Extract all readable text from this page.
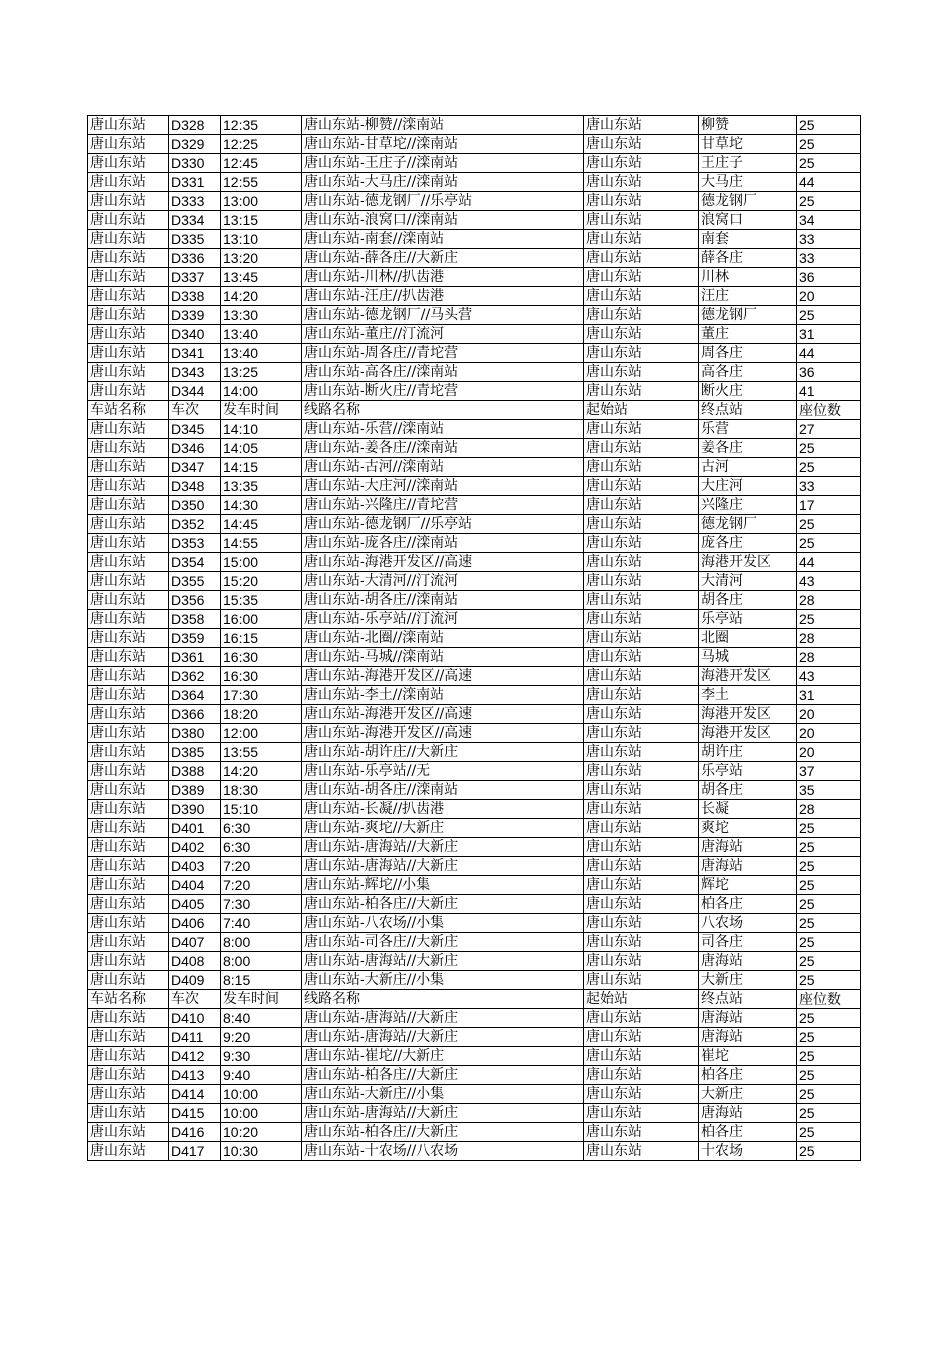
唐山东站	D328	12:35	唐山东站-柳赞//滦南站	唐山东站	柳赞	25
唐山东站	D329	12:25	唐山东站-甘草坨//滦南站	唐山东站	甘草坨	25
唐山东站	D330	12:45	唐山东站-王庄子//滦南站	唐山东站	王庄子	25
唐山东站	D331	12:55	唐山东站-大马庄//滦南站	唐山东站	大马庄	44
唐山东站	D333	13:00	唐山东站-德龙钢厂//乐亭站	唐山东站	德龙钢厂	25
唐山东站	D334	13:15	唐山东站-浪窝口//滦南站	唐山东站	浪窝口	34
唐山东站	D335	13:10	唐山东站-南套//滦南站	唐山东站	南套	33
唐山东站	D336	13:20	唐山东站-薛各庄//大新庄	唐山东站	薛各庄	33
唐山东站	D337	13:45	唐山东站-川林//扒齿港	唐山东站	川林	36
唐山东站	D338	14:20	唐山东站-汪庄//扒齿港	唐山东站	汪庄	20
唐山东站	D339	13:30	唐山东站-德龙钢厂//马头营	唐山东站	德龙钢厂	25
唐山东站	D340	13:40	唐山东站-董庄//汀流河	唐山东站	董庄	31
唐山东站	D341	13:40	唐山东站-周各庄//青坨营	唐山东站	周各庄	44
唐山东站	D343	13:25	唐山东站-高各庄//滦南站	唐山东站	高各庄	36
唐山东站	D344	14:00	唐山东站-断火庄//青坨营	唐山东站	断火庄	41
车站名称	车次	发车时间	线路名称	起始站	终点站	座位数
唐山东站	D345	14:10	唐山东站-乐营//滦南站	唐山东站	乐营	27
唐山东站	D346	14:05	唐山东站-姜各庄//滦南站	唐山东站	姜各庄	25
唐山东站	D347	14:15	唐山东站-古河//滦南站	唐山东站	古河	25
唐山东站	D348	13:35	唐山东站-大庄河//滦南站	唐山东站	大庄河	33
唐山东站	D350	14:30	唐山东站-兴隆庄//青坨营	唐山东站	兴隆庄	17
唐山东站	D352	14:45	唐山东站-德龙钢厂//乐亭站	唐山东站	德龙钢厂	25
唐山东站	D353	14:55	唐山东站-庞各庄//滦南站	唐山东站	庞各庄	25
唐山东站	D354	15:00	唐山东站-海港开发区//高速	唐山东站	海港开发区	44
唐山东站	D355	15:20	唐山东站-大清河//汀流河	唐山东站	大清河	43
唐山东站	D356	15:35	唐山东站-胡各庄//滦南站	唐山东站	胡各庄	28
唐山东站	D358	16:00	唐山东站-乐亭站//汀流河	唐山东站	乐亭站	25
唐山东站	D359	16:15	唐山东站-北圈//滦南站	唐山东站	北圈	28
唐山东站	D361	16:30	唐山东站-马城//滦南站	唐山东站	马城	28
唐山东站	D362	16:30	唐山东站-海港开发区//高速	唐山东站	海港开发区	43
唐山东站	D364	17:30	唐山东站-李土//滦南站	唐山东站	李土	31
唐山东站	D366	18:20	唐山东站-海港开发区//高速	唐山东站	海港开发区	20
唐山东站	D380	12:00	唐山东站-海港开发区//高速	唐山东站	海港开发区	20
唐山东站	D385	13:55	唐山东站-胡许庄//大新庄	唐山东站	胡许庄	20
唐山东站	D388	14:20	唐山东站-乐亭站//无	唐山东站	乐亭站	37
唐山东站	D389	18:30	唐山东站-胡各庄//滦南站	唐山东站	胡各庄	35
唐山东站	D390	15:10	唐山东站-长凝//扒齿港	唐山东站	长凝	28
唐山东站	D401	6:30	唐山东站-爽坨//大新庄	唐山东站	爽坨	25
唐山东站	D402	6:30	唐山东站-唐海站//大新庄	唐山东站	唐海站	25
唐山东站	D403	7:20	唐山东站-唐海站//大新庄	唐山东站	唐海站	25
唐山东站	D404	7:20	唐山东站-辉坨//小集	唐山东站	辉坨	25
唐山东站	D405	7:30	唐山东站-柏各庄//大新庄	唐山东站	柏各庄	25
唐山东站	D406	7:40	唐山东站-八农场//小集	唐山东站	八农场	25
唐山东站	D407	8:00	唐山东站-司各庄//大新庄	唐山东站	司各庄	25
唐山东站	D408	8:00	唐山东站-唐海站//大新庄	唐山东站	唐海站	25
唐山东站	D409	8:15	唐山东站-大新庄//小集	唐山东站	大新庄	25
车站名称	车次	发车时间	线路名称	起始站	终点站	座位数
唐山东站	D410	8:40	唐山东站-唐海站//大新庄	唐山东站	唐海站	25
唐山东站	D411	9:20	唐山东站-唐海站//大新庄	唐山东站	唐海站	25
唐山东站	D412	9:30	唐山东站-崔坨//大新庄	唐山东站	崔坨	25
唐山东站	D413	9:40	唐山东站-柏各庄//大新庄	唐山东站	柏各庄	25
唐山东站	D414	10:00	唐山东站-大新庄//小集	唐山东站	大新庄	25
唐山东站	D415	10:00	唐山东站-唐海站//大新庄	唐山东站	唐海站	25
唐山东站	D416	10:20	唐山东站-柏各庄//大新庄	唐山东站	柏各庄	25
唐山东站	D417	10:30	唐山东站-十农场//八农场	唐山东站	十农场	25
